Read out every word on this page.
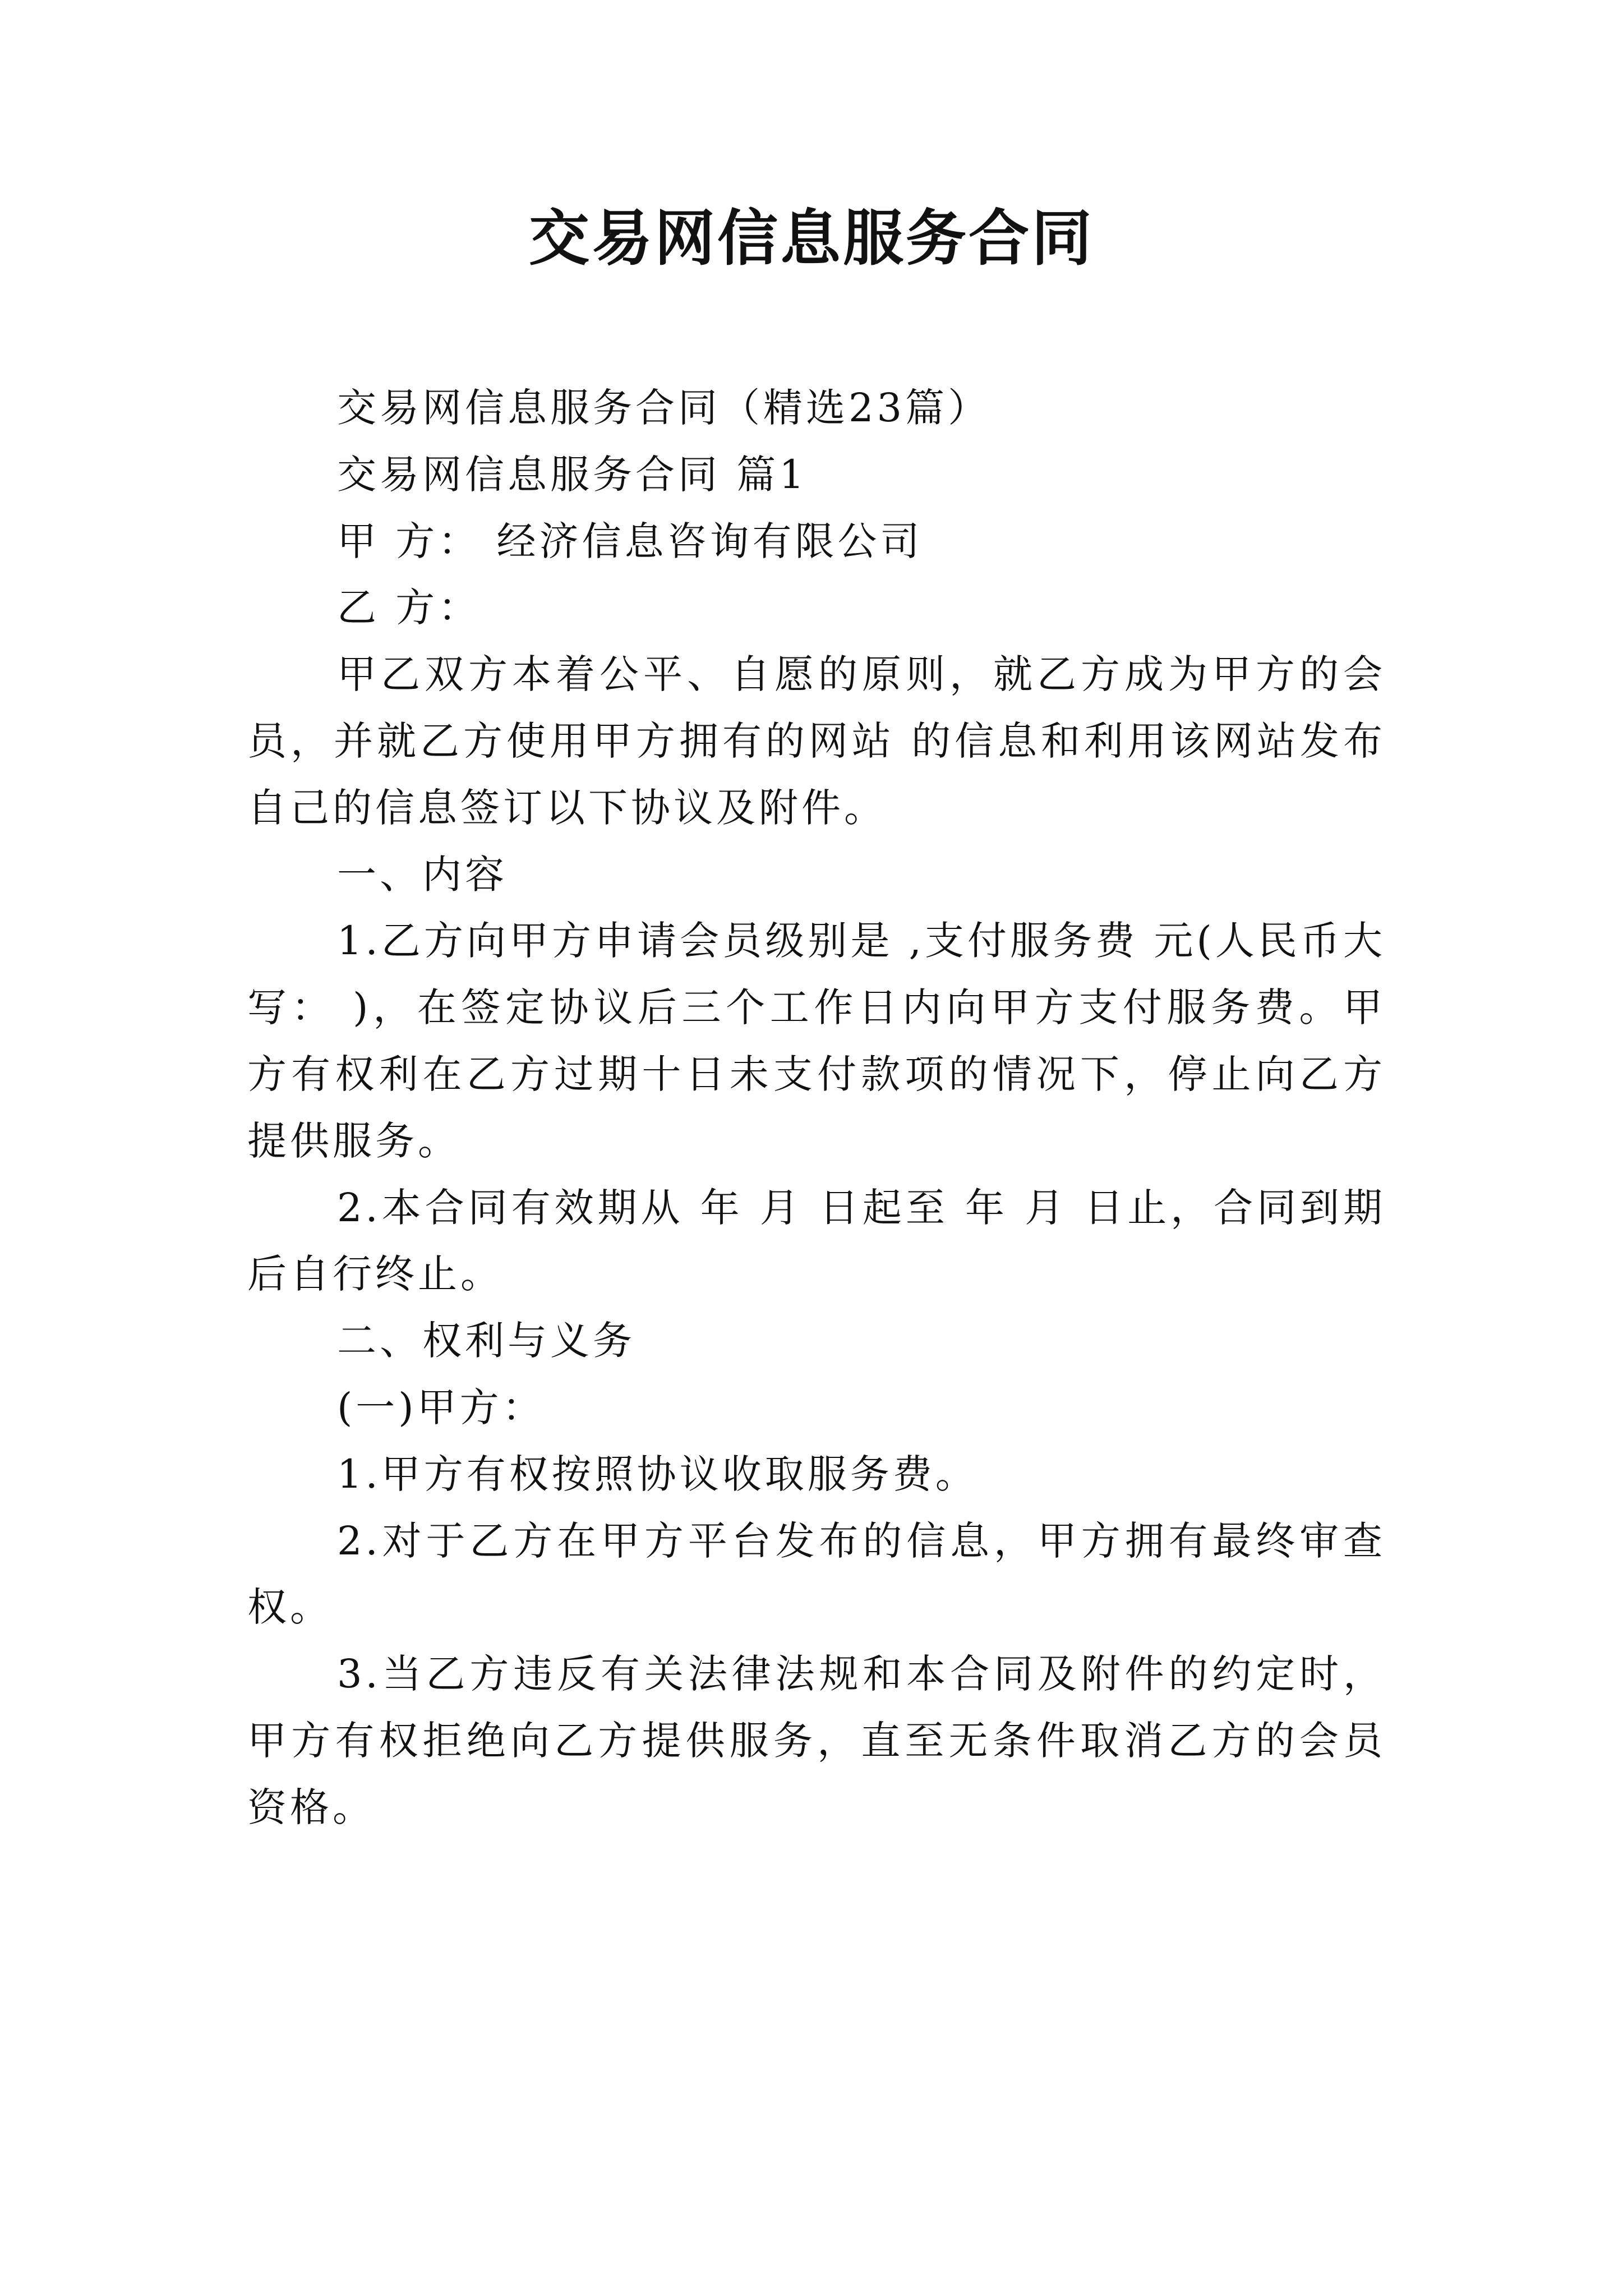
交易网信息服务合同

交易网信息服务合同（精选23篇）

交易网信息服务合同 篇1

甲 方： 经济信息咨询有限公司

乙 方：

甲乙双方本着公平、自愿的原则，就乙方成为甲方的会员，并就乙方使用甲方拥有的网站 的信息和利用该网站发布自己的信息签订以下协议及附件。

一、内容

1.乙方向甲方申请会员级别是 ,支付服务费 元(人民币大写： )，在签定协议后三个工作日内向甲方支付服务费。甲方有权利在乙方过期十日未支付款项的情况下，停止向乙方提供服务。

2.本合同有效期从 年 月 日起至 年 月 日止，合同到期后自行终止。

二、权利与义务

(一)甲方：

1.甲方有权按照协议收取服务费。

2.对于乙方在甲方平台发布的信息，甲方拥有最终审查权。

3.当乙方违反有关法律法规和本合同及附件的约定时，甲方有权拒绝向乙方提供服务，直至无条件取消乙方的会员资格。
